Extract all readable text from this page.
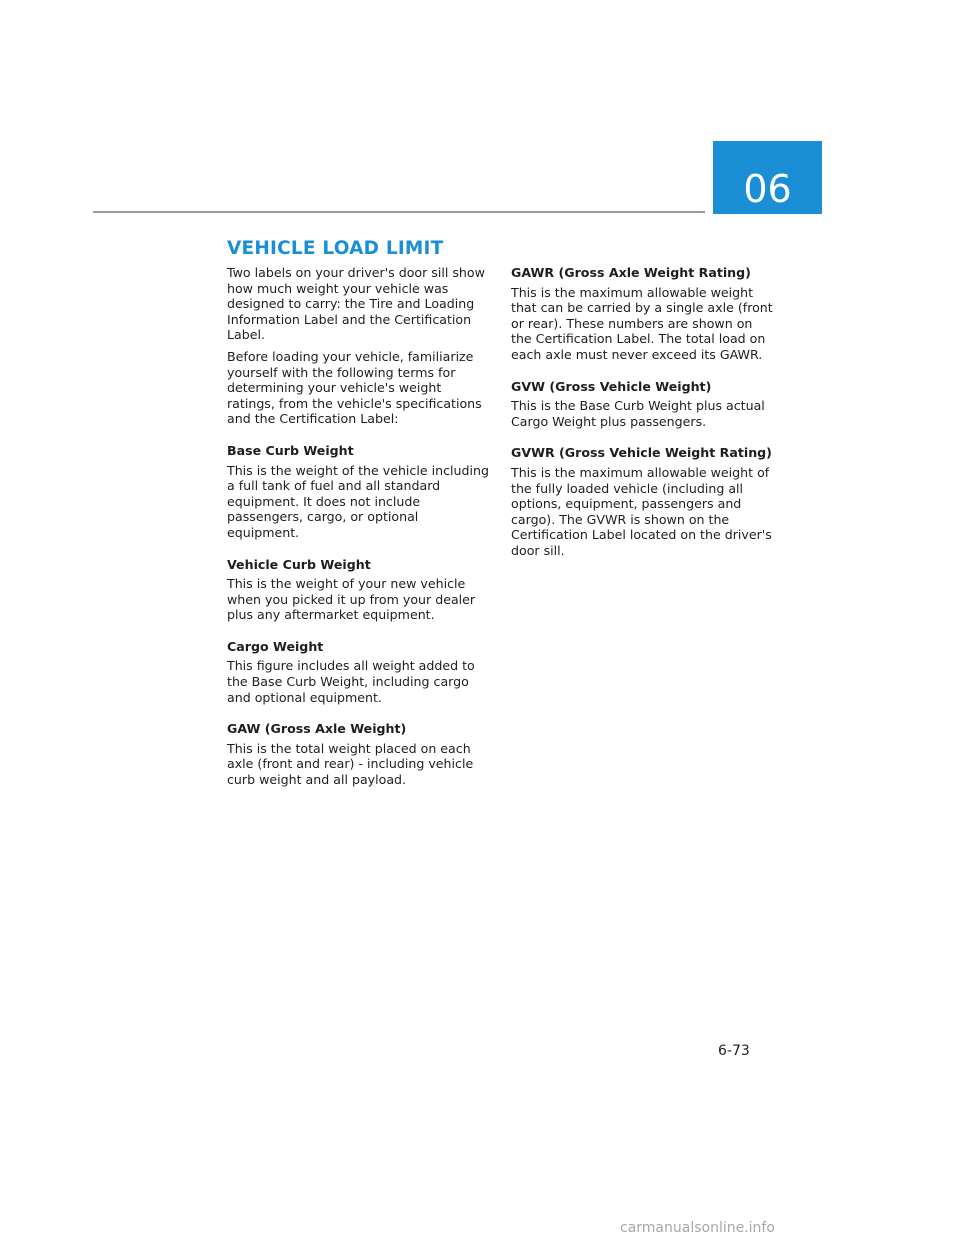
06
VEHICLE LOAD LIMIT

Two labels on your driver's door sill show how much weight your vehicle was designed to carry: the Tire and Loading Information Label and the Certification Label.

Before loading your vehicle, familiarize yourself with the following terms for determining your vehicle's weight ratings, from the vehicle's specifications and the Certification Label:

Base Curb Weight

This is the weight of the vehicle including a full tank of fuel and all standard equipment. It does not include passengers, cargo, or optional equipment.

Vehicle Curb Weight

This is the weight of your new vehicle when you picked it up from your dealer plus any aftermarket equipment.

Cargo Weight

This figure includes all weight added to the Base Curb Weight, including cargo and optional equipment.

GAW (Gross Axle Weight)

This is the total weight placed on each axle (front and rear) - including vehicle curb weight and all payload.

GAWR (Gross Axle Weight Rating)

This is the maximum allowable weight that can be carried by a single axle (front or rear). These numbers are shown on the Certification Label. The total load on each axle must never exceed its GAWR.

GVW (Gross Vehicle Weight)

This is the Base Curb Weight plus actual Cargo Weight plus passengers.

GVWR (Gross Vehicle Weight Rating)

This is the maximum allowable weight of the fully loaded vehicle (including all options, equipment, passengers and cargo). The GVWR is shown on the Certification Label located on the driver's door sill.

6-73
carmanualsonline.info
